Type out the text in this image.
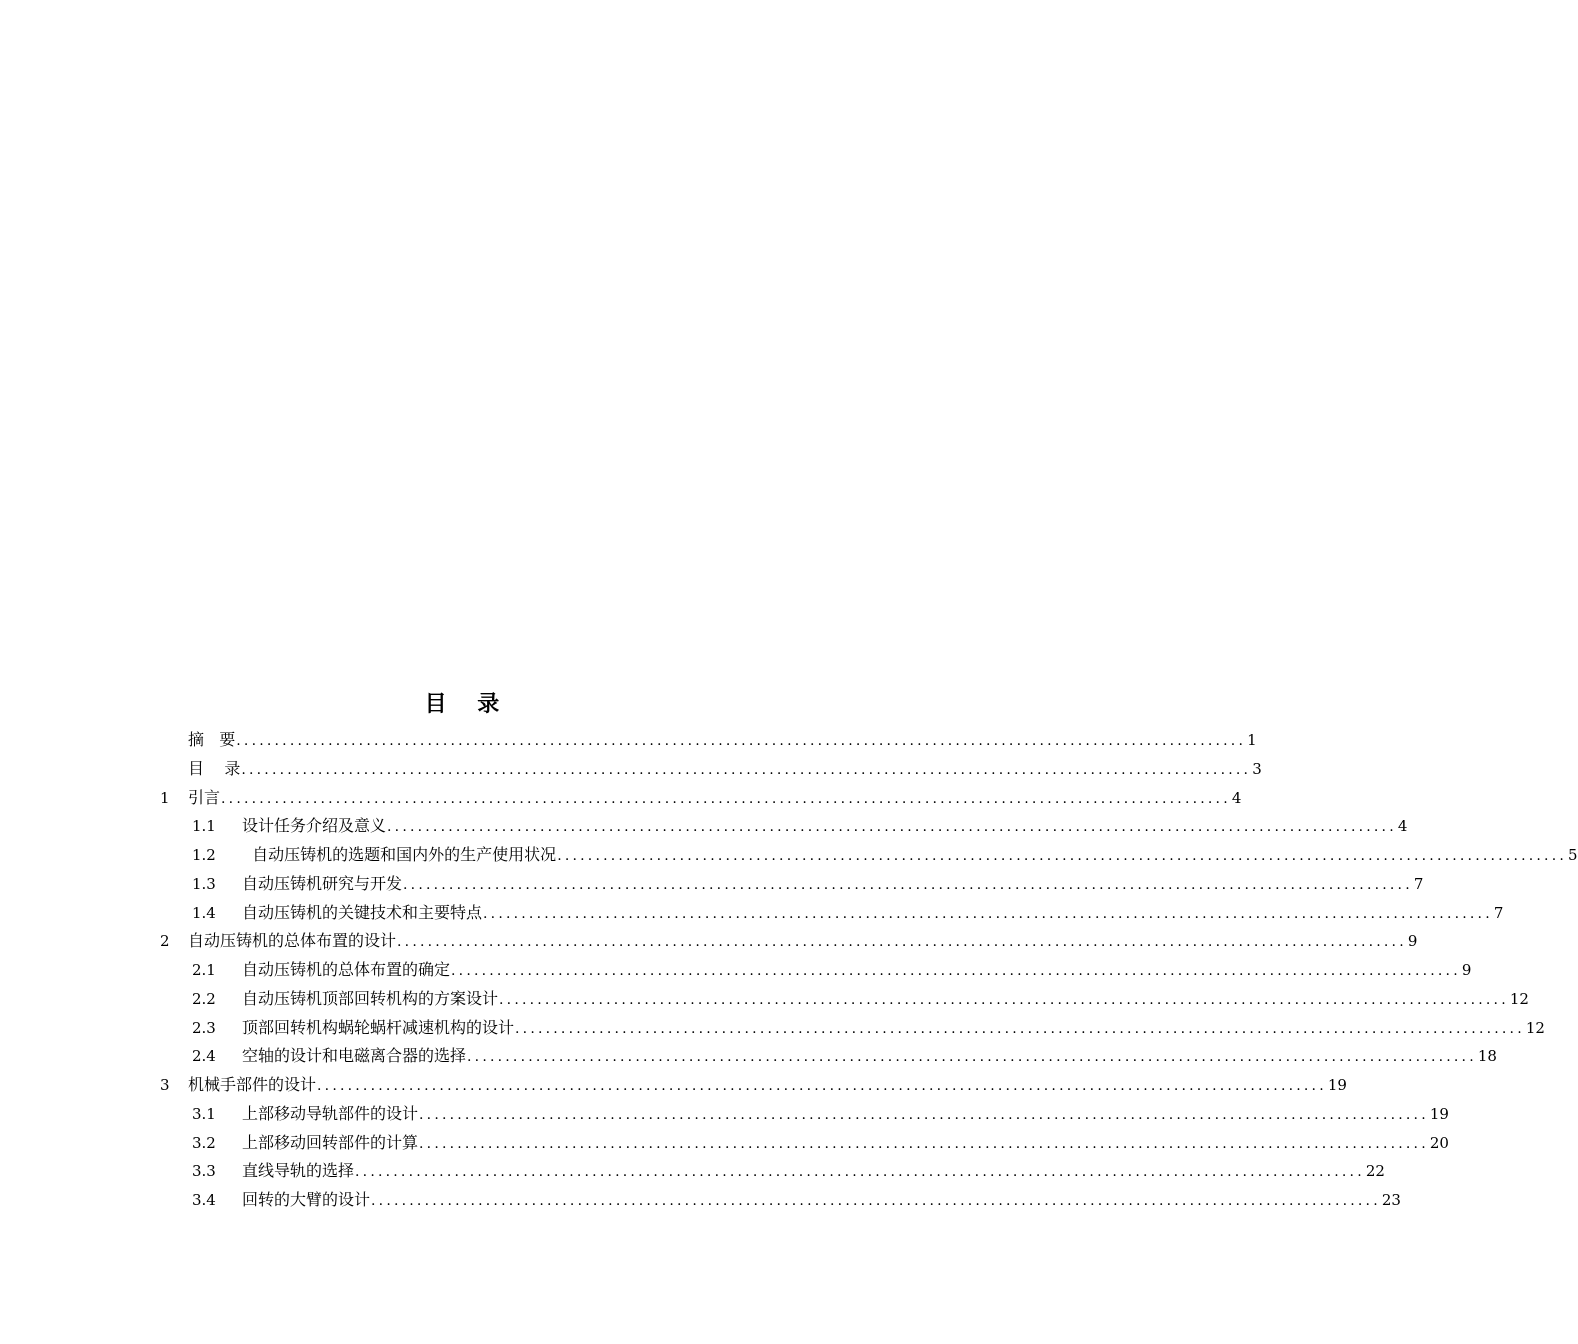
目    录
摘   要 .................................................................................................................................... 1
目    录 .................................................................................................................................... 3
1	引言 .................................................................................................................................... 4
1.1	设计任务介绍及意义 .................................................................................................................................... 4
1.2	自动压铸机的选题和国内外的生产使用状况 .................................................................................................................................... 5
1.3	自动压铸机研究与开发 .................................................................................................................................... 7
1.4	自动压铸机的关键技术和主要特点 .................................................................................................................................... 7
2	自动压铸机的总体布置的设计 .................................................................................................................................... 9
2.1	自动压铸机的总体布置的确定 .................................................................................................................................... 9
2.2	自动压铸机顶部回转机构的方案设计 .................................................................................................................................... 12
2.3	顶部回转机构蜗轮蜗杆减速机构的设计 .................................................................................................................................... 12
2.4	空轴的设计和电磁离合器的选择 .................................................................................................................................... 18
3	机械手部件的设计 .................................................................................................................................... 19
3.1	上部移动导轨部件的设计 .................................................................................................................................... 19
3.2	上部移动回转部件的计算 .................................................................................................................................... 20
3.3	直线导轨的选择 .................................................................................................................................... 22
3.4	回转的大臂的设计 .................................................................................................................................... 23
